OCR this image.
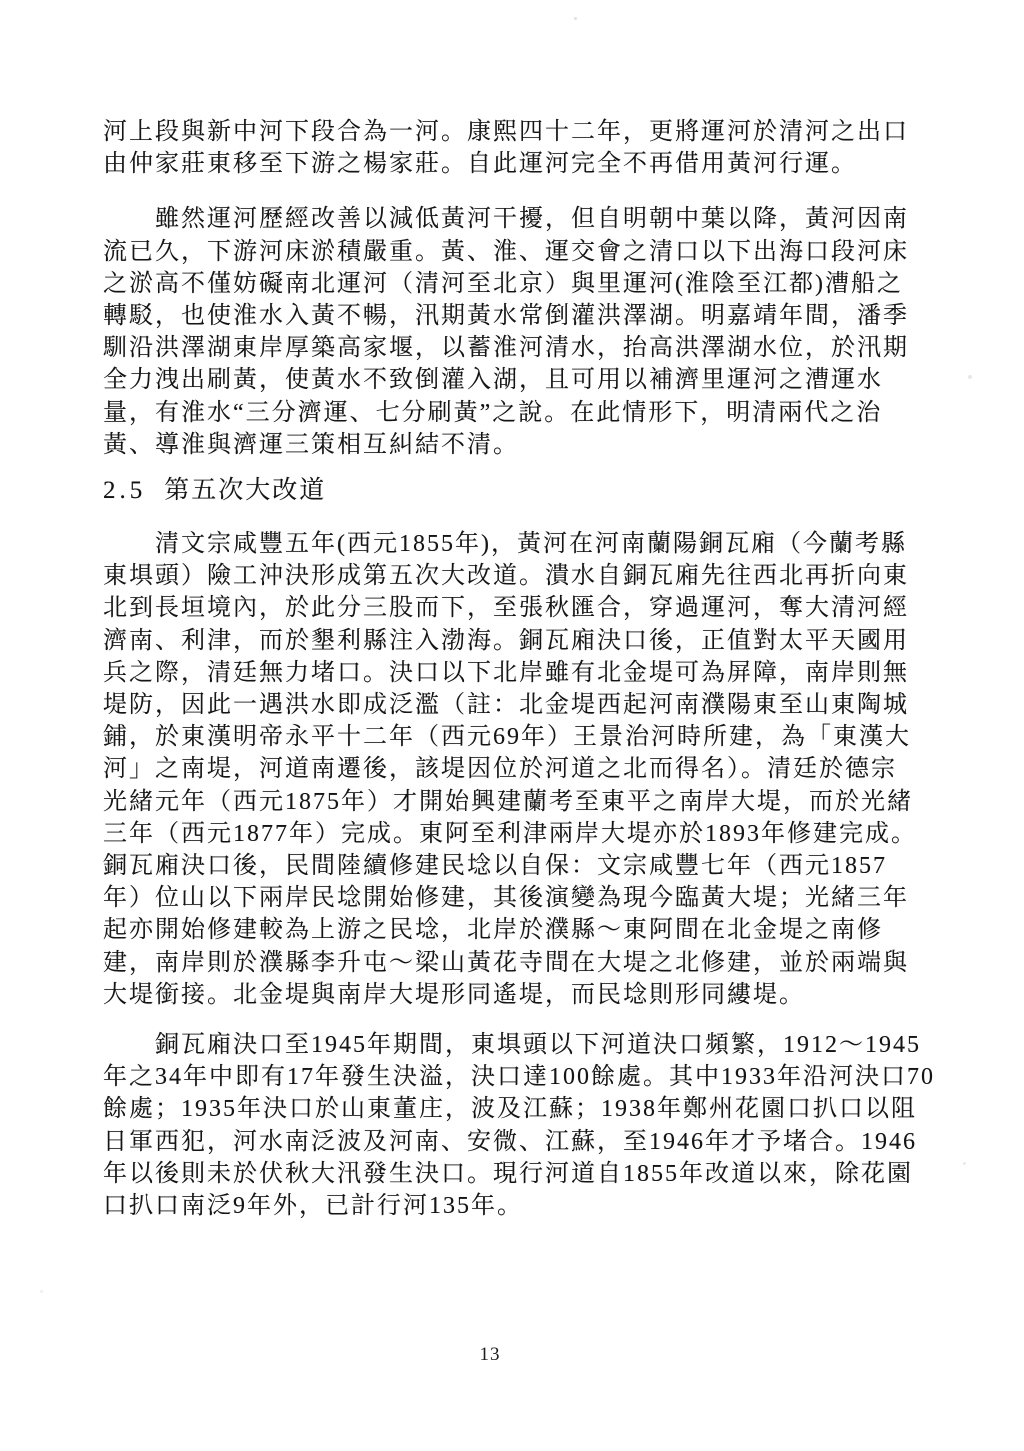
河上段與新中河下段合為一河。康熙四十二年，更將運河於清河之出口
由仲家莊東移至下游之楊家莊。自此運河完全不再借用黃河行運。
　　雖然運河歷經改善以減低黃河干擾，但自明朝中葉以降，黃河因南
流已久，下游河床淤積嚴重。黃、淮、運交會之清口以下出海口段河床
之淤高不僅妨礙南北運河（清河至北京）與里運河(淮陰至江都)漕船之
轉駁，也使淮水入黃不暢，汛期黃水常倒灌洪澤湖。明嘉靖年間，潘季
馴沿洪澤湖東岸厚築高家堰，以蓄淮河清水，抬高洪澤湖水位，於汛期
全力洩出刷黃，使黃水不致倒灌入湖，且可用以補濟里運河之漕運水
量，有淮水“三分濟運、七分刷黃”之說。在此情形下，明清兩代之治
黃、導淮與濟運三策相互糾結不清。
2.5 第五次大改道
　　清文宗咸豐五年(西元1855年)，黃河在河南蘭陽銅瓦廂（今蘭考縣
東埧頭）險工沖決形成第五次大改道。潰水自銅瓦廂先往西北再折向東
北到長垣境內，於此分三股而下，至張秋匯合，穿過運河，奪大清河經
濟南、利津，而於墾利縣注入渤海。銅瓦廂決口後，正值對太平天國用
兵之際，清廷無力堵口。決口以下北岸雖有北金堤可為屏障，南岸則無
堤防，因此一遇洪水即成泛濫（註：北金堤西起河南濮陽東至山東陶城
鋪，於東漢明帝永平十二年（西元69年）王景治河時所建，為「東漢大
河」之南堤，河道南遷後，該堤因位於河道之北而得名）。清廷於德宗
光緒元年（西元1875年）才開始興建蘭考至東平之南岸大堤，而於光緒
三年（西元1877年）完成。東阿至利津兩岸大堤亦於1893年修建完成。
銅瓦廂決口後，民間陸續修建民埝以自保：文宗咸豐七年（西元1857
年）位山以下兩岸民埝開始修建，其後演變為現今臨黃大堤；光緒三年
起亦開始修建較為上游之民埝，北岸於濮縣～東阿間在北金堤之南修
建，南岸則於濮縣李升屯～梁山黃花寺間在大堤之北修建，並於兩端與
大堤銜接。北金堤與南岸大堤形同遙堤，而民埝則形同縷堤。
　　銅瓦廂決口至1945年期間，東埧頭以下河道決口頻繁，1912～1945
年之34年中即有17年發生決溢，決口達100餘處。其中1933年沿河決口70
餘處；1935年決口於山東董庄，波及江蘇；1938年鄭州花園口扒口以阻
日軍西犯，河水南泛波及河南、安微、江蘇，至1946年才予堵合。1946
年以後則未於伏秋大汛發生決口。現行河道自1855年改道以來，除花園
口扒口南泛9年外，已計行河135年。
13
